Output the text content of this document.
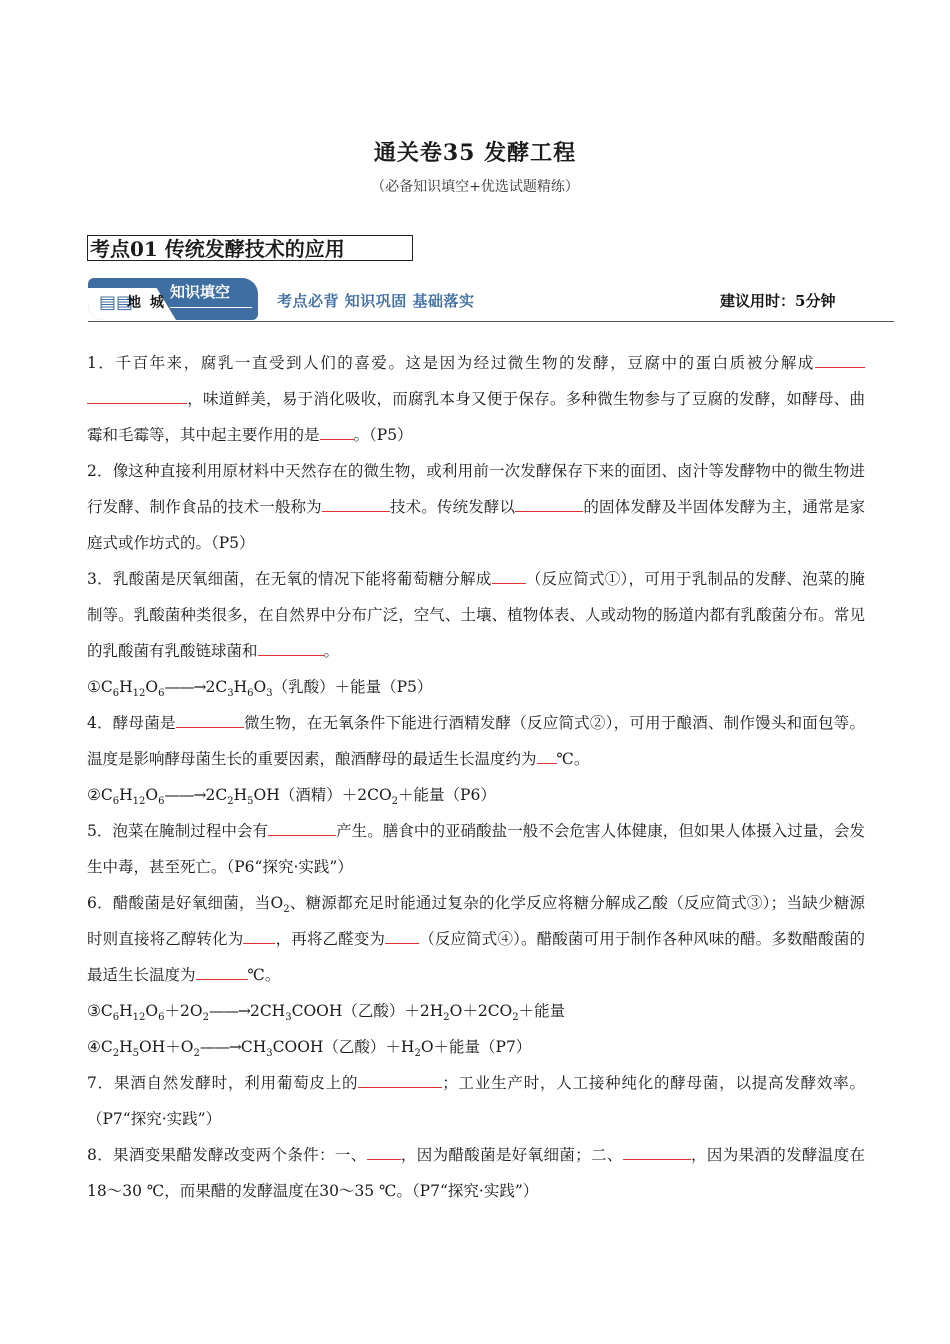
通关卷35 发酵工程
（必备知识填空+优选试题精练）
考点01 传统发酵技术的应用
▤▤
地 城
知识填空	考点必背 知识巩固 基础落实	建议用时：5分钟

1．千百年来，腐乳一直受到人们的喜爱。这是因为经过微生物的发酵，豆腐中的蛋白质被分解成，味道鲜美，易于消化吸收，而腐乳本身又便于保存。多种微生物参与了豆腐的发酵，如酵母、曲霉和毛霉等，其中起主要作用的是 。（P5）

2．像这种直接利用原材料中天然存在的微生物，或利用前一次发酵保存下来的面团、卤汁等发酵物中的微生物进行发酵、制作食品的技术一般称为	技术。传统发酵以	的固体发酵及半固体发酵为主，通常是家庭式或作坊式的。（P5）

3．乳酸菌是厌氧细菌，在无氧的情况下能将葡萄糖分解成 （反应简式①），可用于乳制品的发酵、泡菜的腌制等。乳酸菌种类很多，在自然界中分布广泛，空气、土壤、植物体表、人或动物的肠道内都有乳酸菌分布。常见的乳酸菌有乳酸链球菌和	。

$①C_6H_{12}O_6——\to 2C_3H_6O_3$（乳酸）＋能量（P5）

4．酵母菌是	微生物，在无氧条件下能进行酒精发酵（反应简式②），可用于酿酒、制作馒头和面包等。温度是影响酵母菌生长的重要因素，酿酒酵母的最适生长温度约为 ℃。

$②C_6H_{12}O_6——\to 2C_2H_5OH$（酒精）$+2CO_2+$能量（P6）

5．泡菜在腌制过程中会有	产生。膳食中的亚硝酸盐一般不会危害人体健康，但如果人体摄入过量，会发生中毒，甚至死亡。（P6“探究·实践”）

6．醋酸菌是好氧细菌，当$O_2$、糖源都充足时能通过复杂的化学反应将糖分解成乙酸（反应简式③）；当缺少糖源时则直接将乙醇转化为 ，再将乙醛变为 （反应简式④）。醋酸菌可用于制作各种风味的醋。多数醋酸菌的最适生长温度为	℃。

$③C_6H_{12}O_6+2O_2——\to 2CH_3COOH$（乙酸）$+2H_2O+2CO_2+$能量

$④C_2H_5OH+O_2——\to CH_3COOH$（乙酸）$+H_2O+$能量（P7）

7．果酒自然发酵时，利用葡萄皮上的	；工业生产时，人工接种纯化的酵母菌，以提高发酵效率。（P7“探究·实践”）

8．果酒变果醋发酵改变两个条件：一、 ，因为醋酸菌是好氧细菌；二、	，因为果酒的发酵温度在18～30 ℃，而果醋的发酵温度在30～35 ℃。（P7“探究·实践”）
